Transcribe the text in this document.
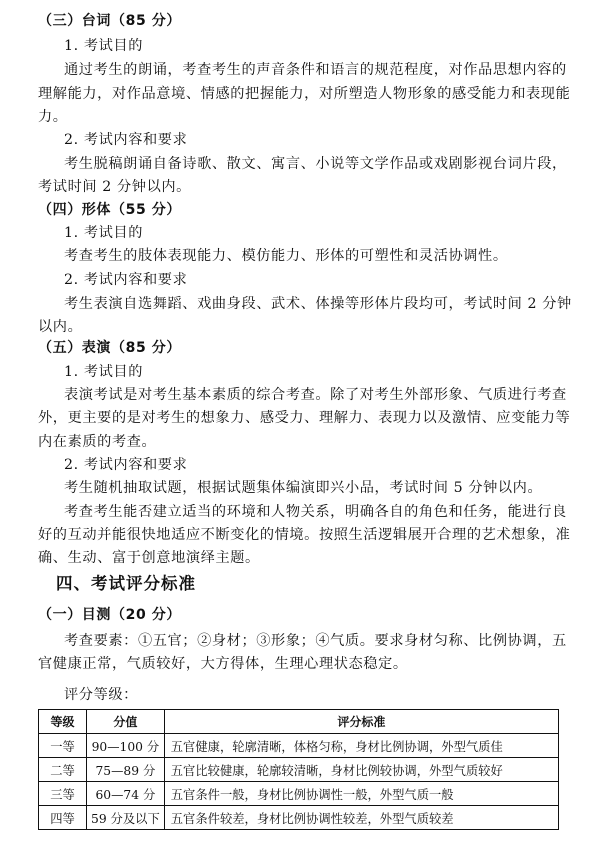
（三）台词（85 分）
1. 考试目的
通过考生的朗诵，考查考生的声音条件和语言的规范程度，对作品思想内容的
理解能力，对作品意境、情感的把握能力，对所塑造人物形象的感受能力和表现能
力。
2. 考试内容和要求
考生脱稿朗诵自备诗歌、散文、寓言、小说等文学作品或戏剧影视台词片段，
考试时间 2 分钟以内。
（四）形体（55 分）
1. 考试目的
考查考生的肢体表现能力、模仿能力、形体的可塑性和灵活协调性。
2. 考试内容和要求
考生表演自选舞蹈、戏曲身段、武术、体操等形体片段均可，考试时间 2 分钟
以内。
（五）表演（85 分）
1. 考试目的
表演考试是对考生基本素质的综合考查。除了对考生外部形象、气质进行考查
外，更主要的是对考生的想象力、感受力、理解力、表现力以及激情、应变能力等
内在素质的考查。
2. 考试内容和要求
考生随机抽取试题，根据试题集体编演即兴小品，考试时间 5 分钟以内。
考查考生能否建立适当的环境和人物关系，明确各自的角色和任务，能进行良
好的互动并能很快地适应不断变化的情境。按照生活逻辑展开合理的艺术想象，准
确、生动、富于创意地演绎主题。
四、考试评分标准
（一）目测（20 分）
考查要素：①五官；②身材；③形象；④气质。要求身材匀称、比例协调，五
官健康正常，气质较好，大方得体，生理心理状态稳定。
评分等级：
等级	分值	评分标准
一等	90—100 分	五官健康，轮廓清晰，体格匀称，身材比例协调，外型气质佳
二等	75—89 分	五官比较健康，轮廓较清晰，身材比例较协调，外型气质较好
三等	60—74 分	五官条件一般，身材比例协调性一般，外型气质一般
四等	59 分及以下	五官条件较差，身材比例协调性较差，外型气质较差
